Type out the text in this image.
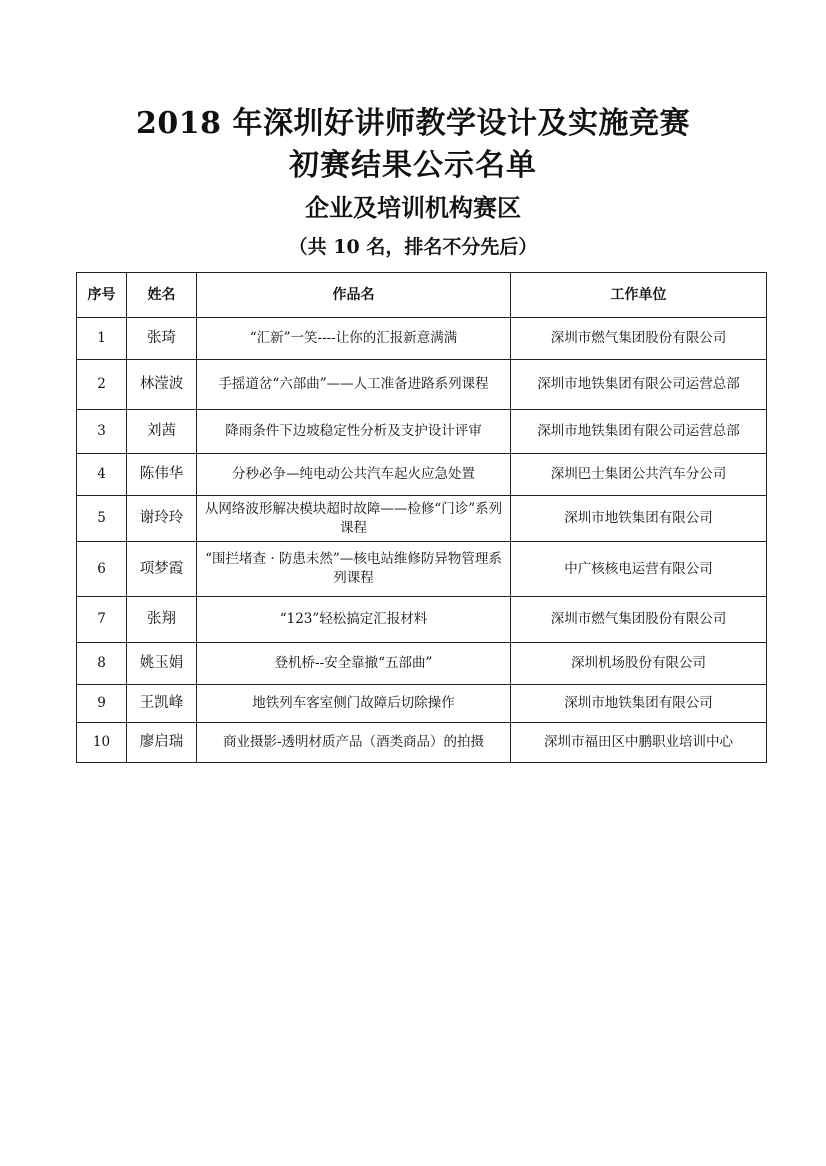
2018 年深圳好讲师教学设计及实施竞赛
初赛结果公示名单
企业及培训机构赛区
（共 10 名，排名不分先后）
序号	姓名	作品名	工作单位
1	张琦	“汇新”一笑----让你的汇报新意满满	深圳市燃气集团股份有限公司
2	林滢波	手摇道岔“六部曲”——人工准备进路系列课程	深圳市地铁集团有限公司运营总部
3	刘茜	降雨条件下边坡稳定性分析及支护设计评审	深圳市地铁集团有限公司运营总部
4	陈伟华	分秒必争—纯电动公共汽车起火应急处置	深圳巴士集团公共汽车分公司
5	谢玲玲	从网络波形解决模块超时故障——检修“门诊”系列课程	深圳市地铁集团有限公司
6	项梦霞	“围拦堵查 · 防患未然”—核电站维修防异物管理系列课程	中广核核电运营有限公司
7	张翔	“123”轻松搞定汇报材料	深圳市燃气集团股份有限公司
8	姚玉娟	登机桥--安全靠撤“五部曲”	深圳机场股份有限公司
9	王凯峰	地铁列车客室侧门故障后切除操作	深圳市地铁集团有限公司
10	廖启瑞	商业摄影-透明材质产品（酒类商品）的拍摄	深圳市福田区中鹏职业培训中心
